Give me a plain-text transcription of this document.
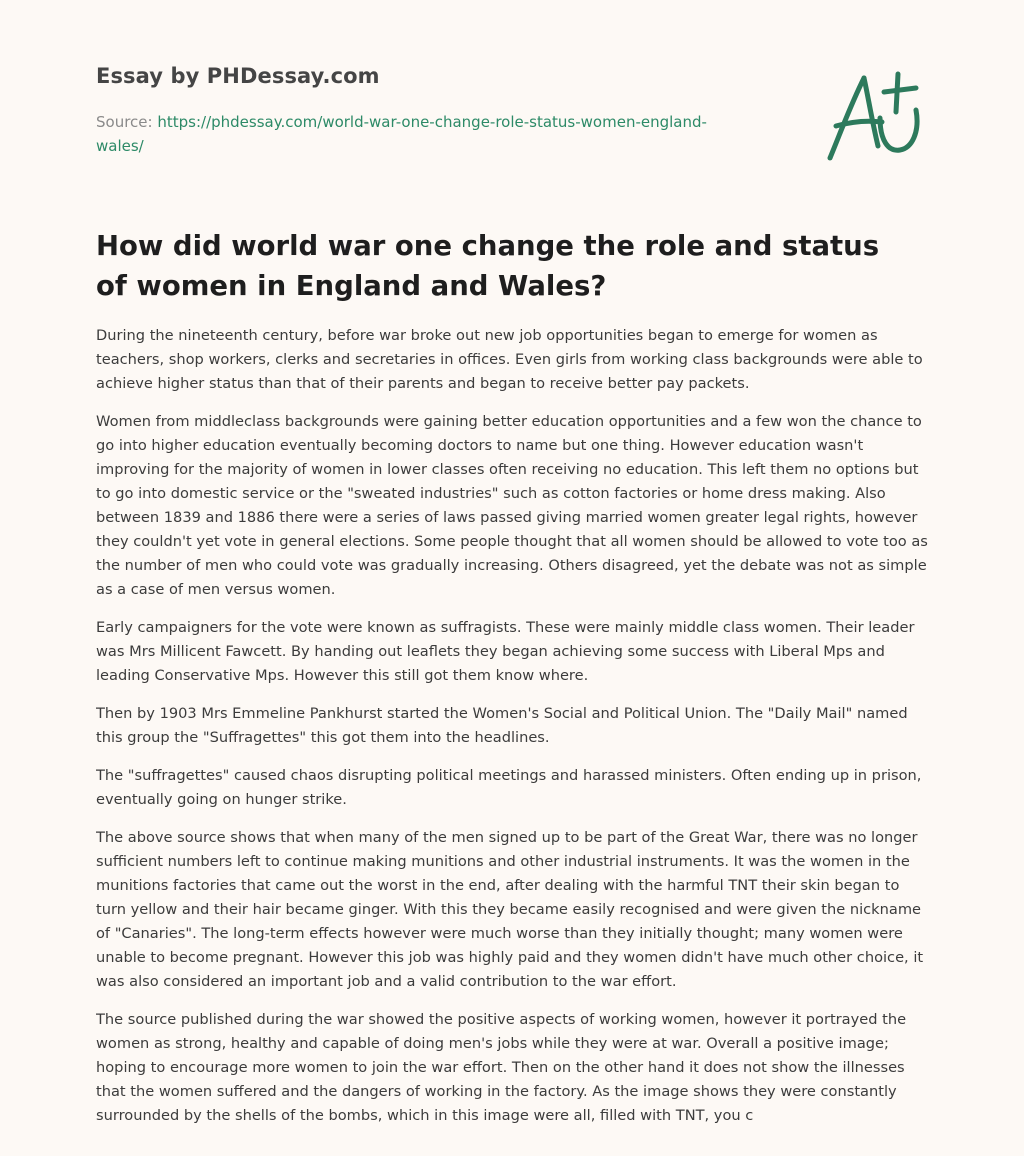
Essay by PHDessay.com
Source: https://phdessay.com/world-war-one-change-role-status-women-england-wales/
How did world war one change the role and status of women in England and Wales?

During the nineteenth century, before war broke out new job opportunities began to emerge for women as teachers, shop workers, clerks and secretaries in offices. Even girls from working class backgrounds were able to achieve higher status than that of their parents and began to receive better pay packets.

Women from middleclass backgrounds were gaining better education opportunities and a few won the chance to go into higher education eventually becoming doctors to name but one thing. However education wasn't improving for the majority of women in lower classes often receiving no education. This left them no options but to go into domestic service or the "sweated industries" such as cotton factories or home dress making. Also between 1839 and 1886 there were a series of laws passed giving married women greater legal rights, however they couldn't yet vote in general elections. Some people thought that all women should be allowed to vote too as the number of men who could vote was gradually increasing. Others disagreed, yet the debate was not as simple as a case of men versus women.

Early campaigners for the vote were known as suffragists. These were mainly middle class women. Their leader was Mrs Millicent Fawcett. By handing out leaflets they began achieving some success with Liberal Mps and leading Conservative Mps. However this still got them know where.

Then by 1903 Mrs Emmeline Pankhurst started the Women's Social and Political Union. The "Daily Mail" named this group the "Suffragettes" this got them into the headlines.

The "suffragettes" caused chaos disrupting political meetings and harassed ministers. Often ending up in prison, eventually going on hunger strike.

The above source shows that when many of the men signed up to be part of the Great War, there was no longer sufficient numbers left to continue making munitions and other industrial instruments. It was the women in the munitions factories that came out the worst in the end, after dealing with the harmful TNT their skin began to turn yellow and their hair became ginger. With this they became easily recognised and were given the nickname of "Canaries". The long-term effects however were much worse than they initially thought; many women were unable to become pregnant. However this job was highly paid and they women didn't have much other choice, it was also considered an important job and a valid contribution to the war effort.

The source published during the war showed the positive aspects of working women, however it portrayed the women as strong, healthy and capable of doing men's jobs while they were at war. Overall a positive image; hoping to encourage more women to join the war effort. Then on the other hand it does not show the illnesses that the women suffered and the dangers of working in the factory. As the image shows they were constantly surrounded by the shells of the bombs, which in this image were all, filled with TNT, you c
